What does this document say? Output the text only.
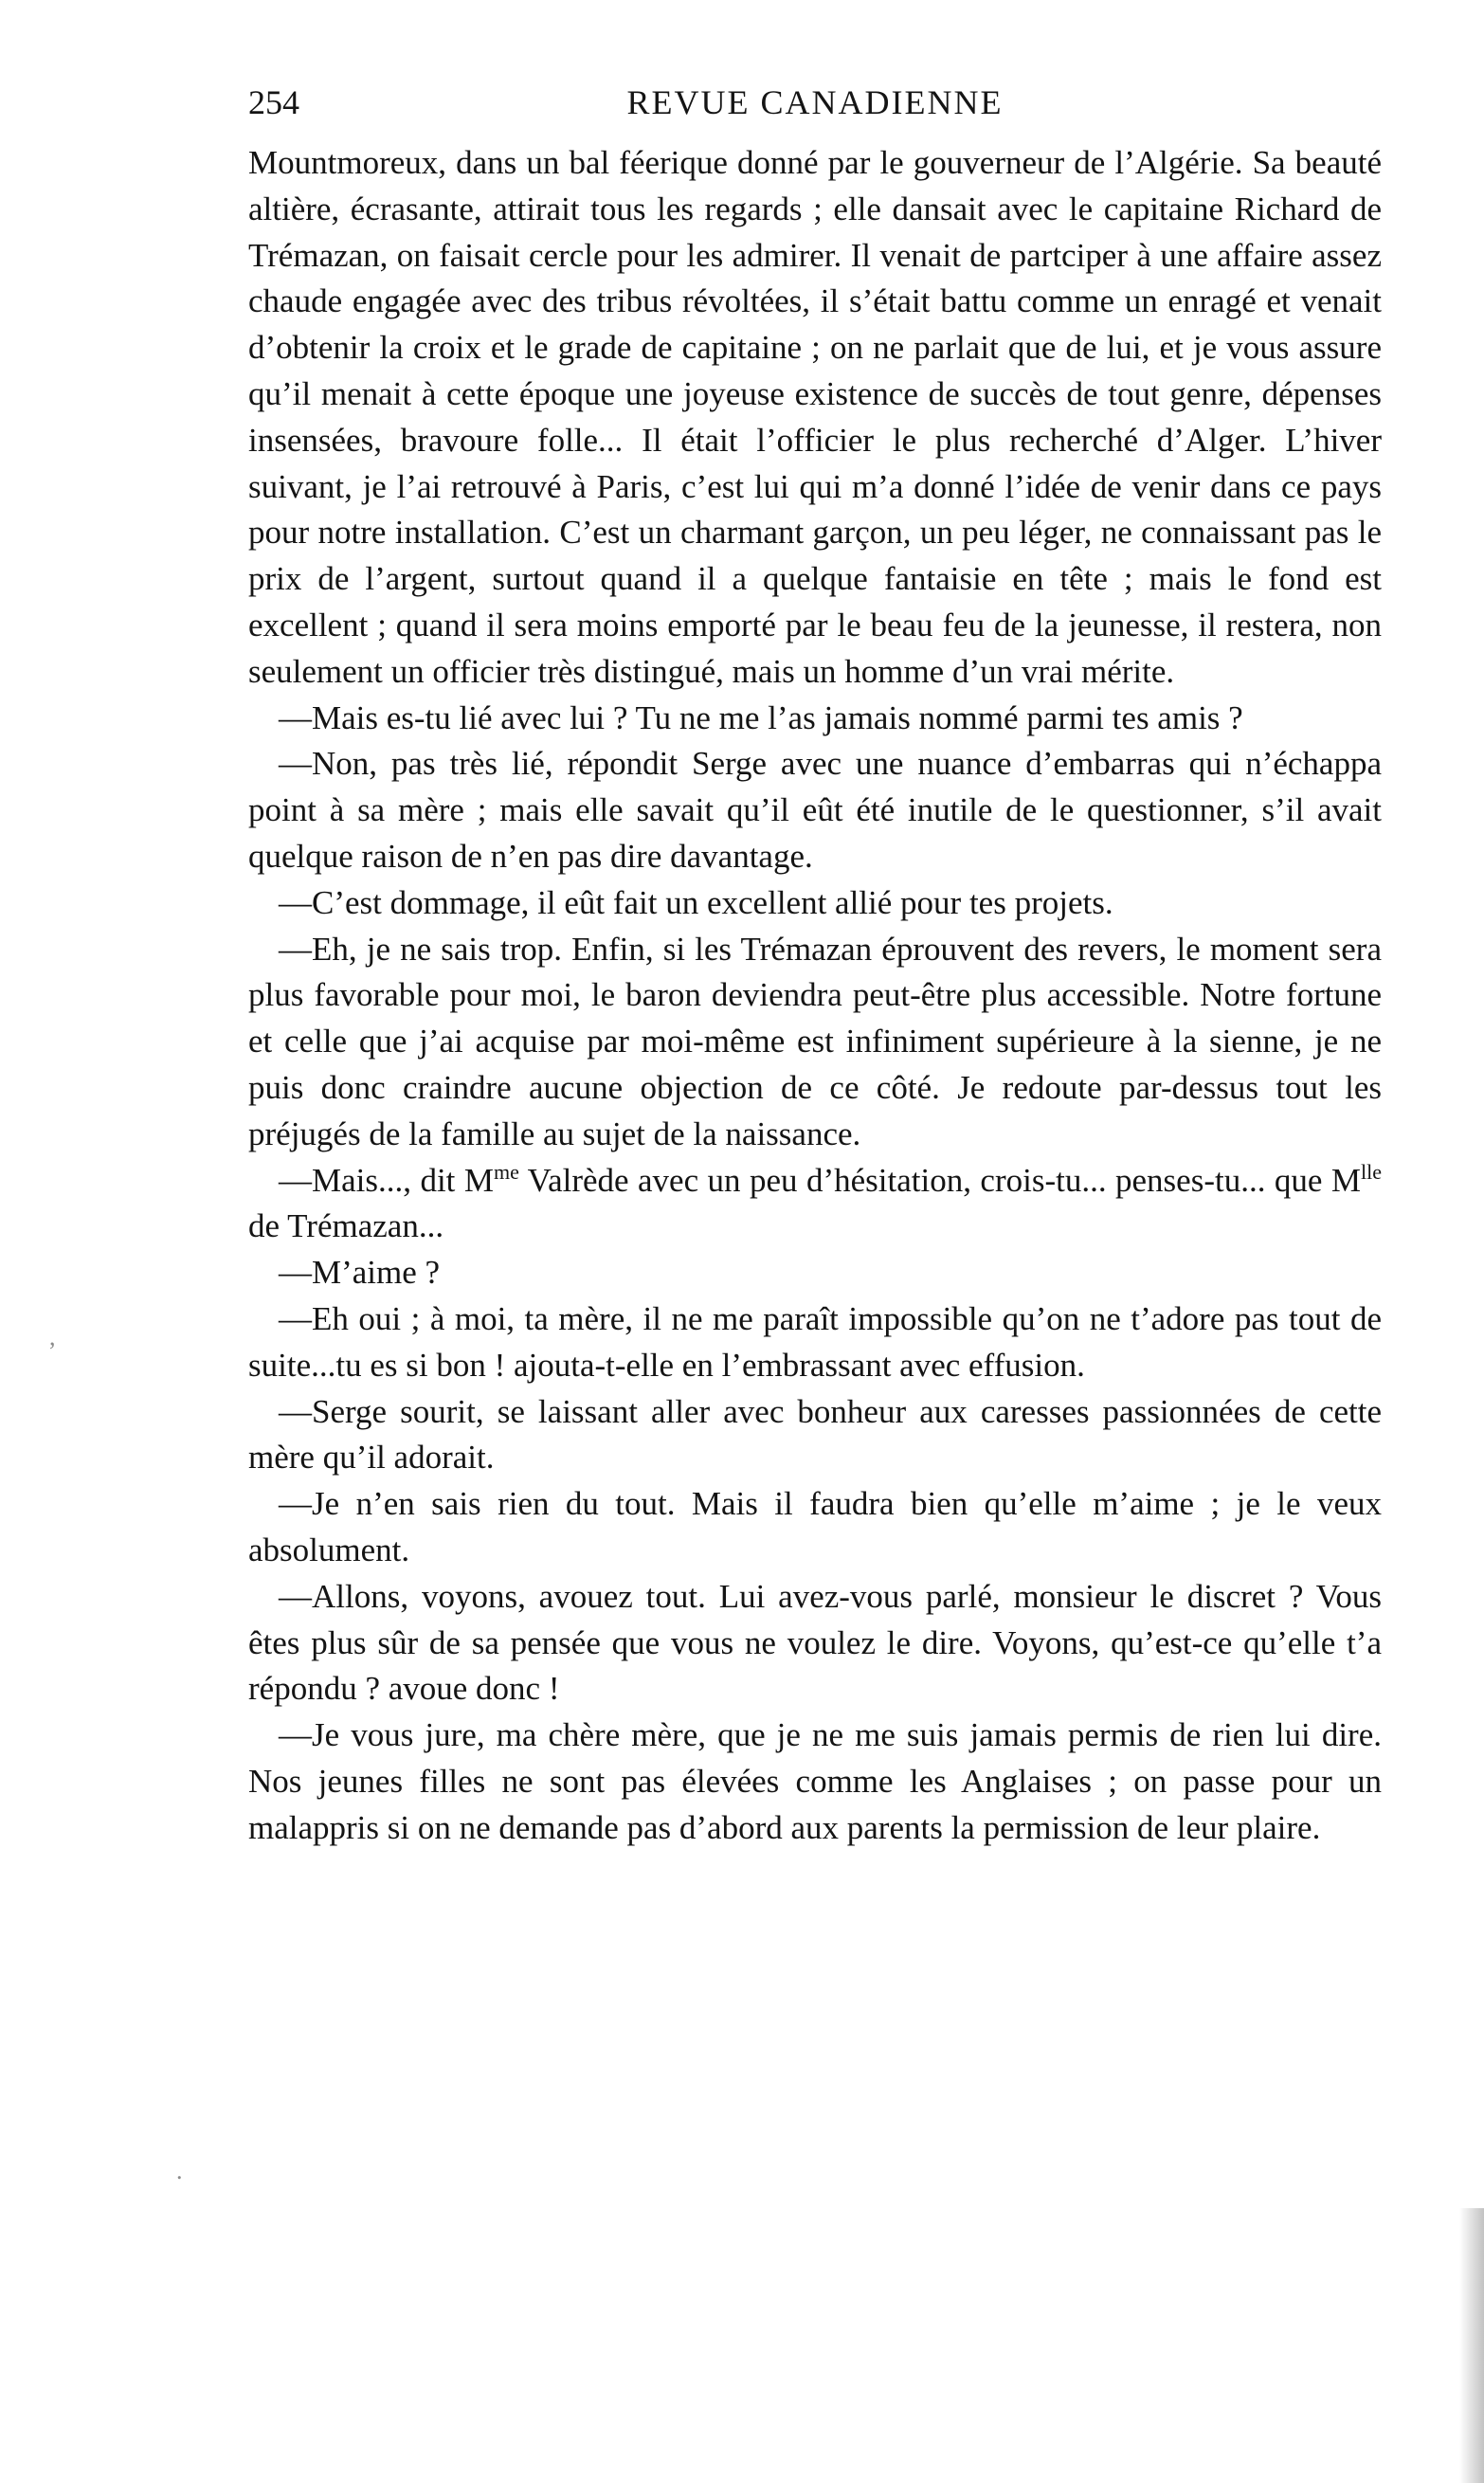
254	REVUE CANADIENNE

Mountmoreux, dans un bal féerique donné par le gouverneur de l’Algérie. Sa beauté altière, écrasante, attirait tous les regards ; elle dansait avec le capitaine Richard de Trémazan, on faisait cercle pour les admirer. Il venait de partciper à une affaire assez chaude engagée avec des tribus révoltées, il s’était battu comme un enragé et venait d’obtenir la croix et le grade de capitaine ; on ne parlait que de lui, et je vous assure qu’il menait à cette époque une joyeuse existence de succès de tout genre, dépenses insensées, bravoure folle... Il était l’officier le plus recherché d’Alger. L’hiver suivant, je l’ai retrouvé à Paris, c’est lui qui m’a donné l’idée de venir dans ce pays pour notre installation. C’est un charmant garçon, un peu léger, ne connaissant pas le prix de l’argent, surtout quand il a quelque fantaisie en tête ; mais le fond est excellent ; quand il sera moins emporté par le beau feu de la jeunesse, il restera, non seulement un officier très distingué, mais un homme d’un vrai mérite.

—Mais es-tu lié avec lui ? Tu ne me l’as jamais nommé parmi tes amis ?

—Non, pas très lié, répondit Serge avec une nuance d’embarras qui n’échappa point à sa mère ; mais elle savait qu’il eût été inutile de le questionner, s’il avait quelque raison de n’en pas dire davantage.

—C’est dommage, il eût fait un excellent allié pour tes projets.

—Eh, je ne sais trop. Enfin, si les Trémazan éprouvent des revers, le moment sera plus favorable pour moi, le baron deviendra peut-être plus accessible. Notre fortune et celle que j’ai acquise par moi-même est infiniment supérieure à la sienne, je ne puis donc craindre aucune objection de ce côté. Je redoute par-dessus tout les préjugés de la famille au sujet de la naissance.

—Mais..., dit $M^{me}$ Valrède avec un peu d’hésitation, crois-tu... penses-tu... que $M^{lle}$ de Trémazan...

—M’aime ?

—Eh oui ; à moi, ta mère, il ne me paraît impossible qu’on ne t’adore pas tout de suite...tu es si bon ! ajouta-t-elle en l’embrassant avec effusion.

—Serge sourit, se laissant aller avec bonheur aux caresses passionnées de cette mère qu’il adorait.

—Je n’en sais rien du tout. Mais il faudra bien qu’elle m’aime ; je le veux absolument.

—Allons, voyons, avouez tout. Lui avez-vous parlé, monsieur le discret ? Vous êtes plus sûr de sa pensée que vous ne voulez le dire. Voyons, qu’est-ce qu’elle t’a répondu ? avoue donc !

—Je vous jure, ma chère mère, que je ne me suis jamais permis de rien lui dire. Nos jeunes filles ne sont pas élevées comme les Anglaises ; on passe pour un malappris si on ne demande pas d’abord aux parents la permission de leur plaire.

,
.
